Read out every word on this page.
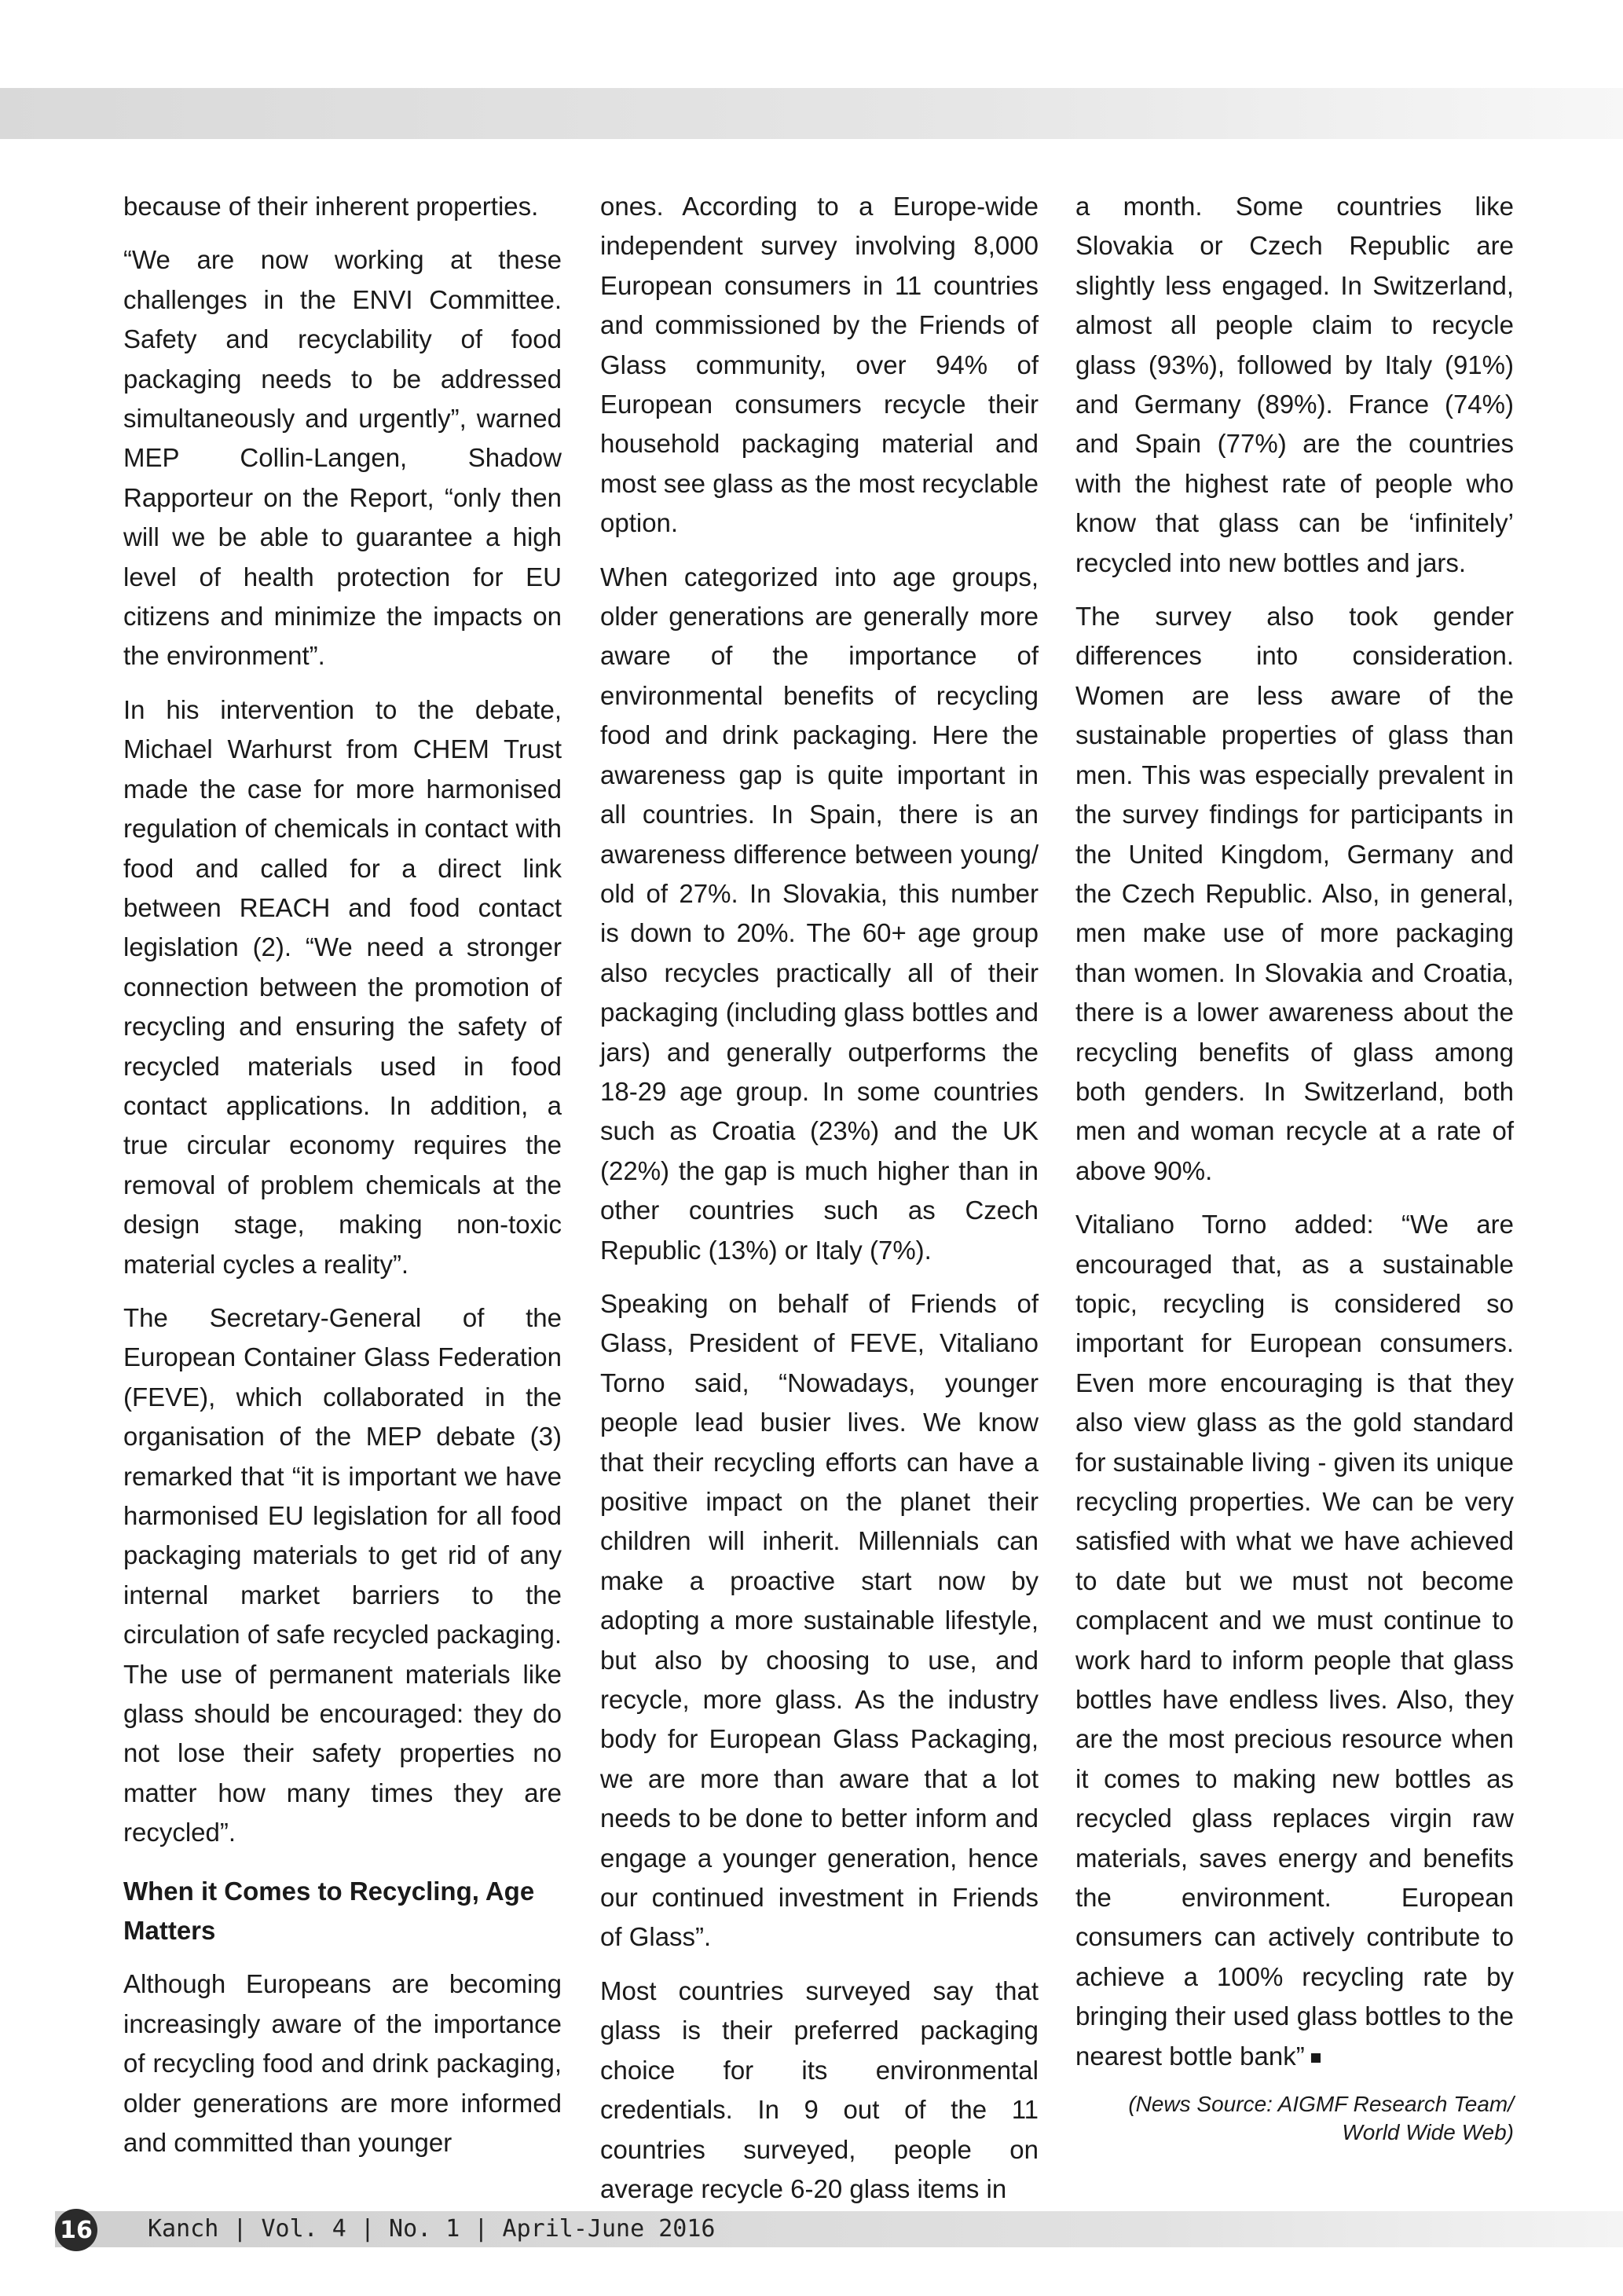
because of their inherent properties.

“We are now working at these challenges in the ENVI Committee. Safety and recyclability of food packaging needs to be addressed simultaneously and urgently”, warned MEP Collin-Langen, Shadow Rapporteur on the Report, “only then will we be able to guarantee a high level of health protection for EU citizens and minimize the impacts on the environment”.

In his intervention to the debate, Michael Warhurst from CHEM Trust made the case for more harmonised regulation of chemicals in contact with food and called for a direct link between REACH and food contact legislation (2). “We need a stronger connection between the promotion of recycling and ensuring the safety of recycled materials used in food contact applications. In addition, a true circular economy requires the removal of problem chemicals at the design stage, making non-toxic material cycles a reality”.

The Secretary-General of the European Container Glass Federation (FEVE), which collaborated in the organisation of the MEP debate (3) remarked that “it is important we have harmonised EU legislation for all food packaging materials to get rid of any internal market barriers to the circulation of safe recycled packaging. The use of permanent materials like glass should be encouraged: they do not lose their safety properties no matter how many times they are recycled”.

When it Comes to Recycling, Age Matters

Although Europeans are becoming increasingly aware of the importance of recycling food and drink packaging, older generations are more informed and committed than younger

ones. According to a Europe-wide independent survey involving 8,000 European consumers in 11 countries and commissioned by the Friends of Glass community, over 94% of European consumers recycle their household packaging material and most see glass as the most recyclable option.

When categorized into age groups, older generations are generally more aware of the importance of environmental benefits of recycling food and drink packaging. Here the awareness gap is quite important in all countries. In Spain, there is an awareness difference between young/ old of 27%. In Slovakia, this number is down to 20%. The 60+ age group also recycles practically all of their packaging (including glass bottles and jars) and generally outperforms the 18-29 age group. In some countries such as Croatia (23%) and the UK (22%) the gap is much higher than in other countries such as Czech Republic (13%) or Italy (7%).

Speaking on behalf of Friends of Glass, President of FEVE, Vitaliano Torno said, “Nowadays, younger people lead busier lives. We know that their recycling efforts can have a positive impact on the planet their children will inherit. Millennials can make a proactive start now by adopting a more sustainable lifestyle, but also by choosing to use, and recycle, more glass. As the industry body for European Glass Packaging, we are more than aware that a lot needs to be done to better inform and engage a younger generation, hence our continued investment in Friends of Glass”.

Most countries surveyed say that glass is their preferred packaging choice for its environmental credentials. In 9 out of the 11 countries surveyed, people on average recycle 6-20 glass items in

a month. Some countries like Slovakia or Czech Republic are slightly less engaged. In Switzerland, almost all people claim to recycle glass (93%), followed by Italy (91%) and Germany (89%). France (74%) and Spain (77%) are the countries with the highest rate of people who know that glass can be ‘infinitely’ recycled into new bottles and jars.

The survey also took gender differences into consideration. Women are less aware of the sustainable properties of glass than men. This was especially prevalent in the survey findings for participants in the United Kingdom, Germany and the Czech Republic. Also, in general, men make use of more packaging than women. In Slovakia and Croatia, there is a lower awareness about the recycling benefits of glass among both genders. In Switzerland, both men and woman recycle at a rate of above 90%.

Vitaliano Torno added: “We are encouraged that, as a sustainable topic, recycling is considered so important for European consumers. Even more encouraging is that they also view glass as the gold standard for sustainable living - given its unique recycling properties. We can be very satisfied with what we have achieved to date but we must not become complacent and we must continue to work hard to inform people that glass bottles have endless lives. Also, they are the most precious resource when it comes to making new bottles as recycled glass replaces virgin raw materials, saves energy and benefits the environment. European consumers can actively contribute to achieve a 100% recycling rate by bringing their used glass bottles to the nearest bottle bank”

(News Source: AIGMF Research Team/
World Wide Web)
16 Kanch | Vol. 4 | No. 1 | April-June 2016
